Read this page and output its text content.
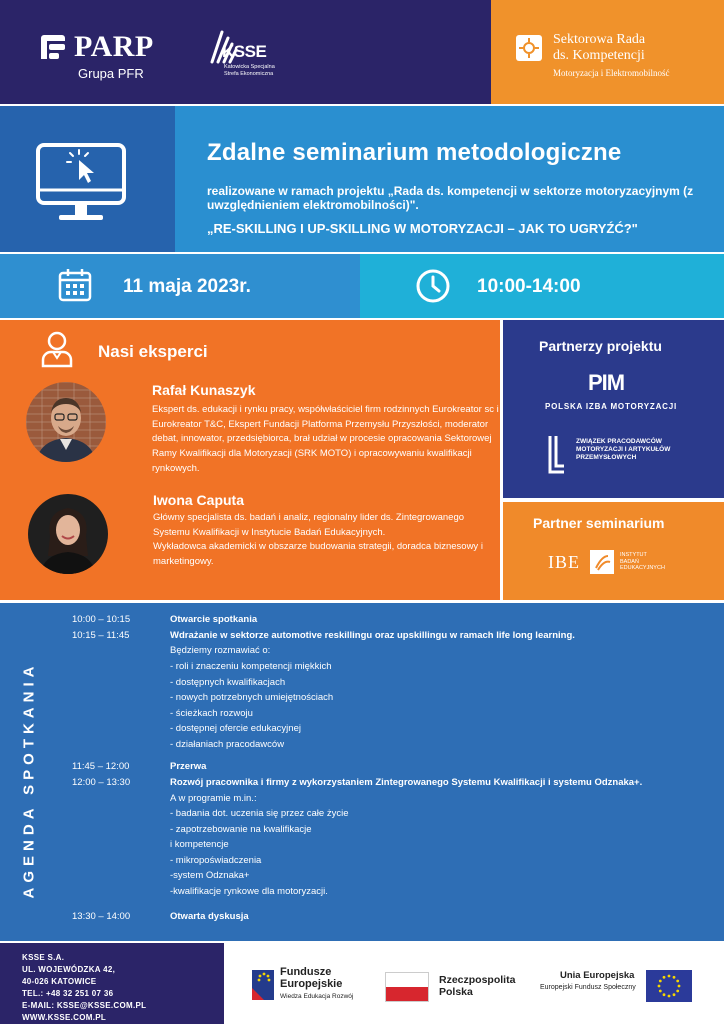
PARP
Grupa PFR
KSSE
Katowicka Specjalna Strefa Ekonomiczna
Sektorowa Rada
ds. Kompetencji
Motoryzacja i Elektromobilność
Zdalne seminarium metodologiczne
realizowane w ramach projektu „Rada ds. kompetencji w sektorze motoryzacyjnym (z uwzględnieniem elektromobilności)".
„RE-SKILLING I UP-SKILLING W MOTORYZACJI – JAK TO UGRYŹĆ?"
11 maja 2023r.	10:00-14:00
Nasi eksperci
Rafał Kunaszyk
Ekspert ds. edukacji i rynku pracy, współwłaściciel firm rodzinnych Eurokreator sc i Eurokreator T&C, Ekspert Fundacji Platforma Przemysłu Przyszłości, moderator debat, innowator, przedsiębiorca, brał udział w procesie opracowania Sektorowej Ramy Kwalifikacji dla Motoryzacji (SRK MOTO) i opracowywaniu kwalifikacji rynkowych.
Iwona Caputa
Główny specjalista ds. badań i analiz, regionalny lider ds. Zintegrowanego Systemu Kwalifikacji w Instytucie Badań Edukacyjnych.
Wykładowca akademicki w obszarze budowania strategii, doradca biznesowy i marketingowy.
Partnerzy projektu
PIM
POLSKA IZBA MOTORYZACJI
ZWIĄZEK PRACODAWCÓW
MOTORYZACJI I ARTYKUŁÓW
PRZEMYSŁOWYCH
Partner seminarium
IBE	INSTYTUT
BADAŃ
EDUKACYJNYCH
AGENDA SPOTKANIA
10:00 – 10:15	Otwarcie spotkania
10:15 – 11:45	Wdrażanie w sektorze automotive reskillingu oraz upskillingu w ramach life long learning.
Będziemy rozmawiać o:
- roli i znaczeniu kompetencji miękkich
- dostępnych kwalifikacjach
- nowych potrzebnych umiejętnościach
- ścieżkach rozwoju
- dostępnej ofercie edukacyjnej
- działaniach pracodawców
11:45 – 12:00	Przerwa
12:00 – 13:30	Rozwój pracownika i firmy z wykorzystaniem Zintegrowanego Systemu Kwalifikacji i systemu Odznaka+.
A w programie m.in.:
- badania dot. uczenia się przez całe życie
- zapotrzebowanie na kwalifikacje
i kompetencje
- mikropoświadczenia
-system Odznaka+
-kwalifikacje rynkowe dla motoryzacji.
13:30 – 14:00	Otwarta dyskusja
KSSE S.A.
UL. WOJEWÓDZKA 42,
40-026 KATOWICE
TEL.: +48 32 251 07 36
E-MAIL: KSSE@KSSE.COM.PL
WWW.KSSE.COM.PL
Fundusze
Europejskie
Wiedza Edukacja Rozwój
Rzeczpospolita
Polska
Unia Europejska
Europejski Fundusz Społeczny
